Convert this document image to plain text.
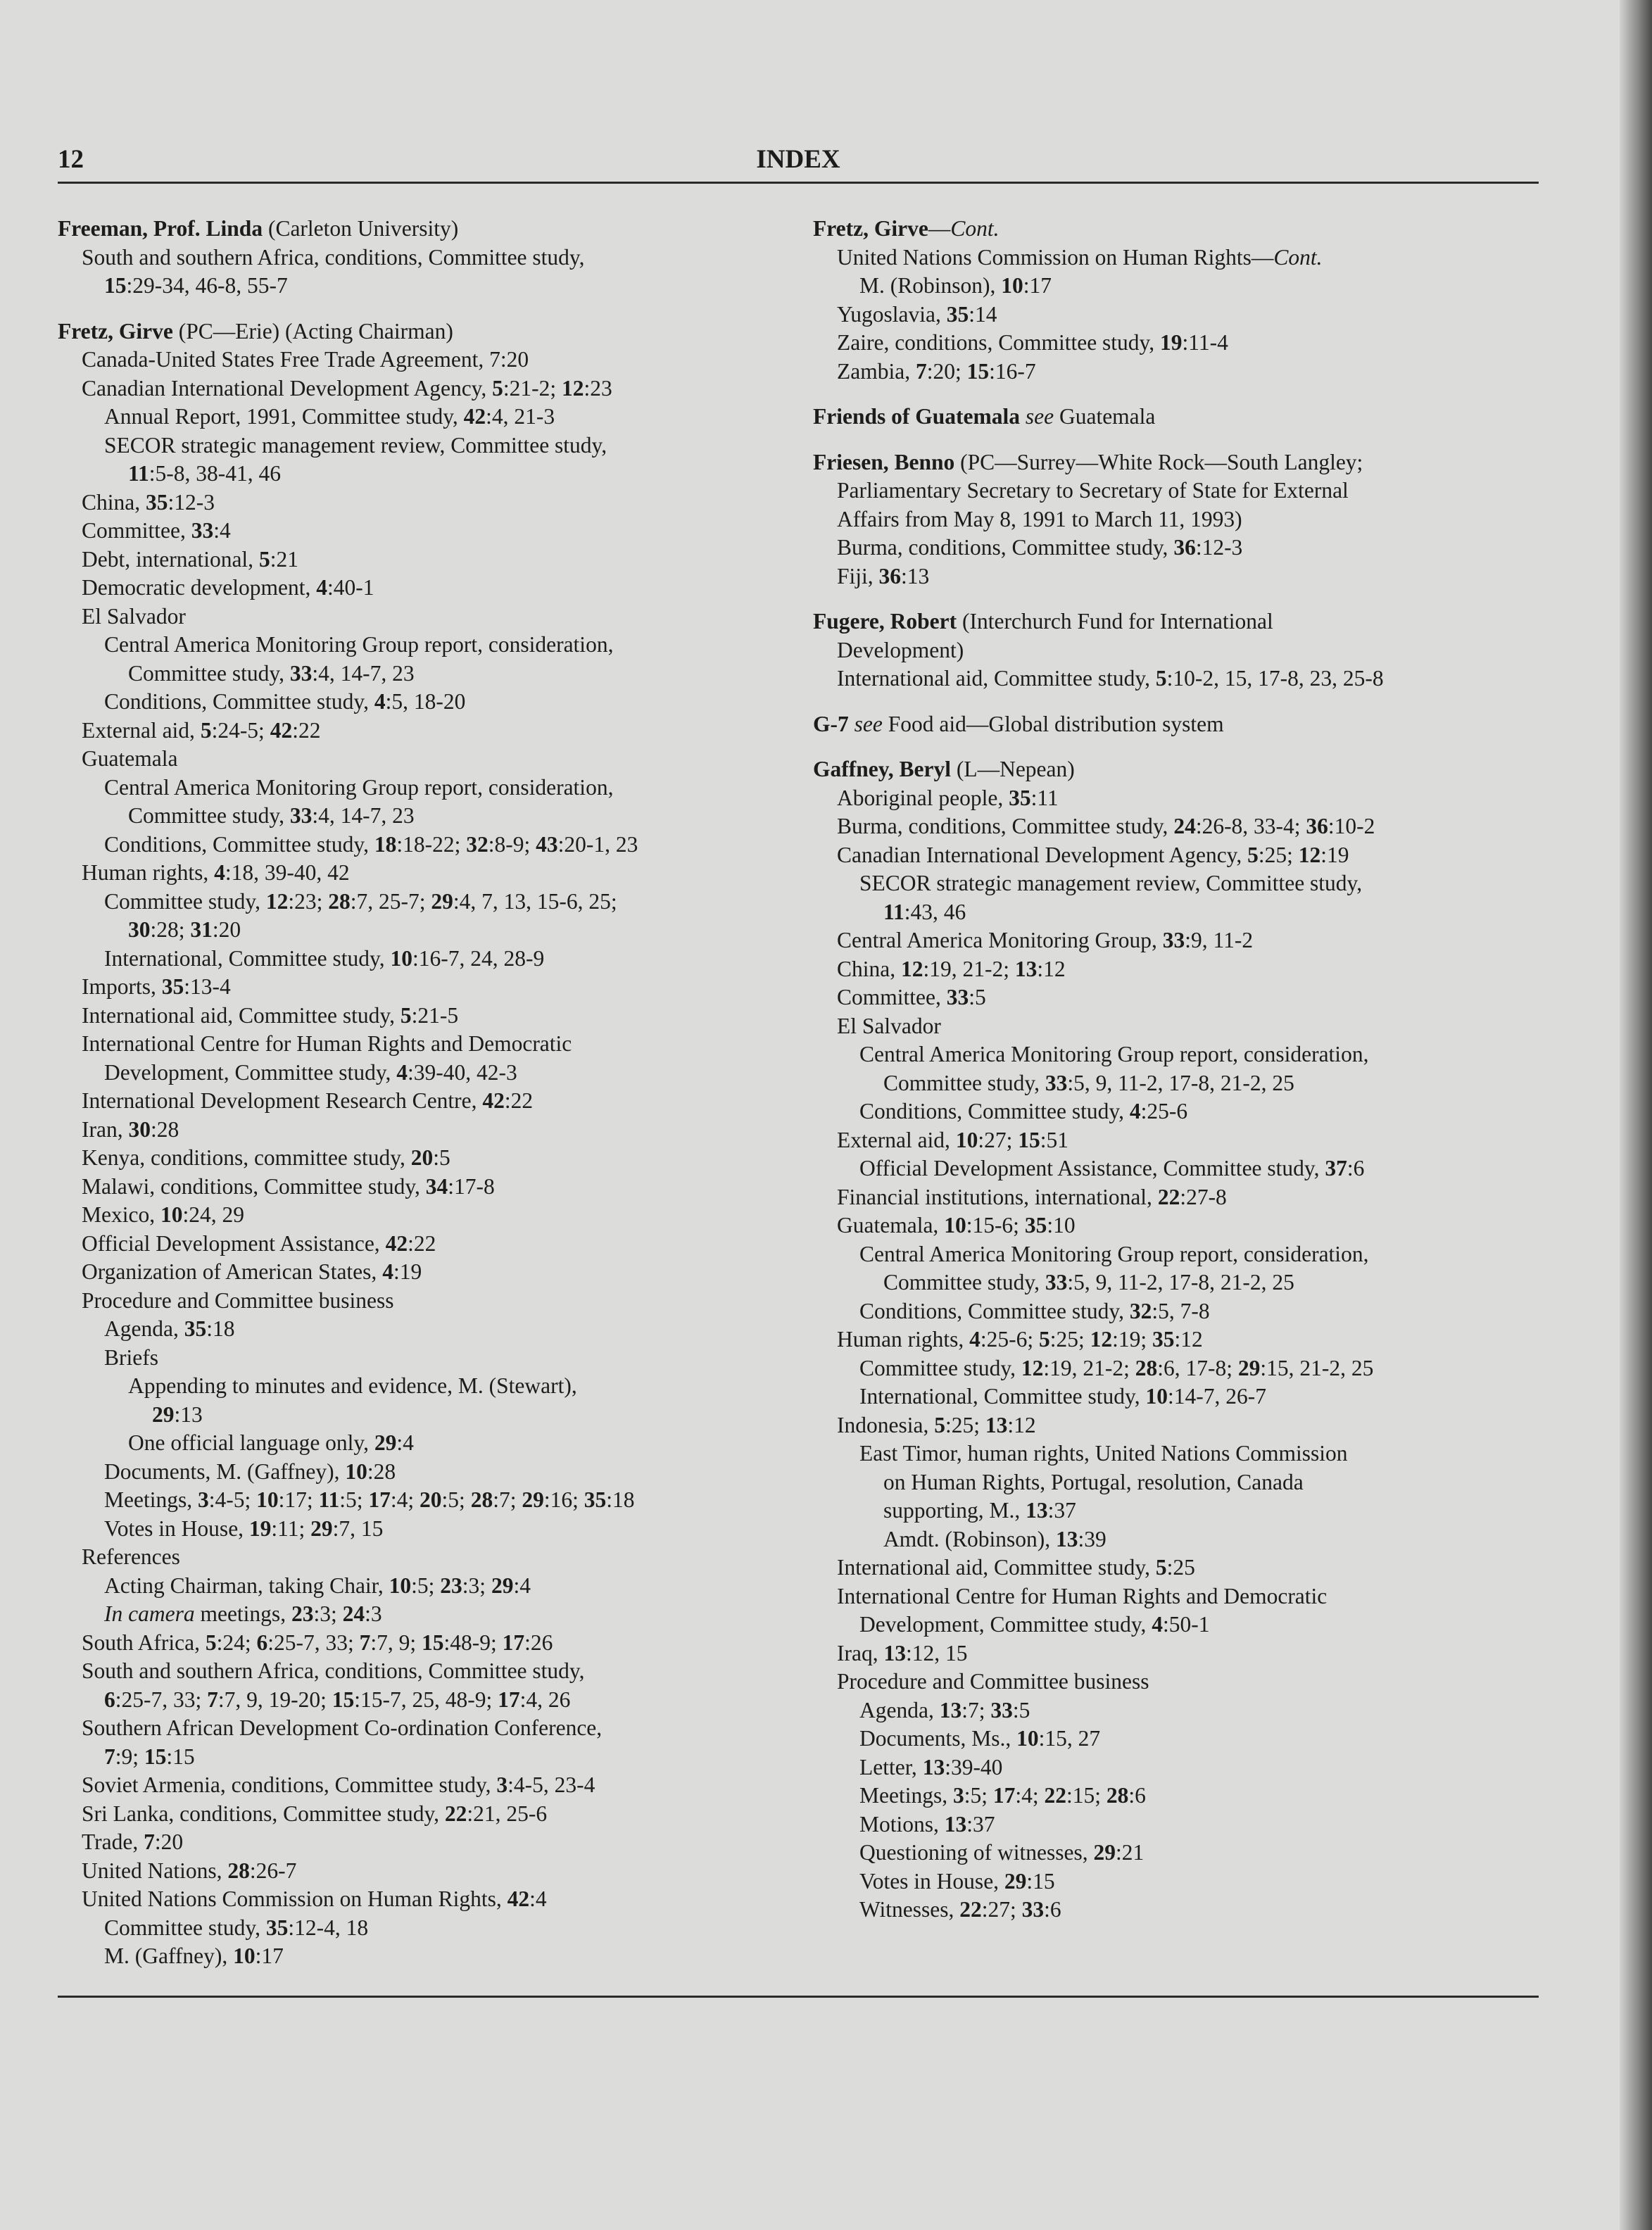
12	INDEX
Freeman, Prof. Linda (Carleton University)
South and southern Africa, conditions, Committee study,
15:29-34, 46-8, 55-7
Fretz, Girve (PC—Erie) (Acting Chairman)
Canada-United States Free Trade Agreement, 7:20
Canadian International Development Agency, 5:21-2; 12:23
Annual Report, 1991, Committee study, 42:4, 21-3
SECOR strategic management review, Committee study,
11:5-8, 38-41, 46
China, 35:12-3
Committee, 33:4
Debt, international, 5:21
Democratic development, 4:40-1
El Salvador
Central America Monitoring Group report, consideration,
Committee study, 33:4, 14-7, 23
Conditions, Committee study, 4:5, 18-20
External aid, 5:24-5; 42:22
Guatemala
Central America Monitoring Group report, consideration,
Committee study, 33:4, 14-7, 23
Conditions, Committee study, 18:18-22; 32:8-9; 43:20-1, 23
Human rights, 4:18, 39-40, 42
Committee study, 12:23; 28:7, 25-7; 29:4, 7, 13, 15-6, 25;
30:28; 31:20
International, Committee study, 10:16-7, 24, 28-9
Imports, 35:13-4
International aid, Committee study, 5:21-5
International Centre for Human Rights and Democratic
Development, Committee study, 4:39-40, 42-3
International Development Research Centre, 42:22
Iran, 30:28
Kenya, conditions, committee study, 20:5
Malawi, conditions, Committee study, 34:17-8
Mexico, 10:24, 29
Official Development Assistance, 42:22
Organization of American States, 4:19
Procedure and Committee business
Agenda, 35:18
Briefs
Appending to minutes and evidence, M. (Stewart),
29:13
One official language only, 29:4
Documents, M. (Gaffney), 10:28
Meetings, 3:4-5; 10:17; 11:5; 17:4; 20:5; 28:7; 29:16; 35:18
Votes in House, 19:11; 29:7, 15
References
Acting Chairman, taking Chair, 10:5; 23:3; 29:4
In camera meetings, 23:3; 24:3
South Africa, 5:24; 6:25-7, 33; 7:7, 9; 15:48-9; 17:26
South and southern Africa, conditions, Committee study,
6:25-7, 33; 7:7, 9, 19-20; 15:15-7, 25, 48-9; 17:4, 26
Southern African Development Co-ordination Conference,
7:9; 15:15
Soviet Armenia, conditions, Committee study, 3:4-5, 23-4
Sri Lanka, conditions, Committee study, 22:21, 25-6
Trade, 7:20
United Nations, 28:26-7
United Nations Commission on Human Rights, 42:4
Committee study, 35:12-4, 18
M. (Gaffney), 10:17
Fretz, Girve—Cont.
United Nations Commission on Human Rights—Cont.
M. (Robinson), 10:17
Yugoslavia, 35:14
Zaire, conditions, Committee study, 19:11-4
Zambia, 7:20; 15:16-7
Friends of Guatemala see Guatemala
Friesen, Benno (PC—Surrey—White Rock—South Langley;
Parliamentary Secretary to Secretary of State for External
Affairs from May 8, 1991 to March 11, 1993)
Burma, conditions, Committee study, 36:12-3
Fiji, 36:13
Fugere, Robert (Interchurch Fund for International
Development)
International aid, Committee study, 5:10-2, 15, 17-8, 23, 25-8
G-7 see Food aid—Global distribution system
Gaffney, Beryl (L—Nepean)
Aboriginal people, 35:11
Burma, conditions, Committee study, 24:26-8, 33-4; 36:10-2
Canadian International Development Agency, 5:25; 12:19
SECOR strategic management review, Committee study,
11:43, 46
Central America Monitoring Group, 33:9, 11-2
China, 12:19, 21-2; 13:12
Committee, 33:5
El Salvador
Central America Monitoring Group report, consideration,
Committee study, 33:5, 9, 11-2, 17-8, 21-2, 25
Conditions, Committee study, 4:25-6
External aid, 10:27; 15:51
Official Development Assistance, Committee study, 37:6
Financial institutions, international, 22:27-8
Guatemala, 10:15-6; 35:10
Central America Monitoring Group report, consideration,
Committee study, 33:5, 9, 11-2, 17-8, 21-2, 25
Conditions, Committee study, 32:5, 7-8
Human rights, 4:25-6; 5:25; 12:19; 35:12
Committee study, 12:19, 21-2; 28:6, 17-8; 29:15, 21-2, 25
International, Committee study, 10:14-7, 26-7
Indonesia, 5:25; 13:12
East Timor, human rights, United Nations Commission
on Human Rights, Portugal, resolution, Canada
supporting, M., 13:37
Amdt. (Robinson), 13:39
International aid, Committee study, 5:25
International Centre for Human Rights and Democratic
Development, Committee study, 4:50-1
Iraq, 13:12, 15
Procedure and Committee business
Agenda, 13:7; 33:5
Documents, Ms., 10:15, 27
Letter, 13:39-40
Meetings, 3:5; 17:4; 22:15; 28:6
Motions, 13:37
Questioning of witnesses, 29:21
Votes in House, 29:15
Witnesses, 22:27; 33:6
